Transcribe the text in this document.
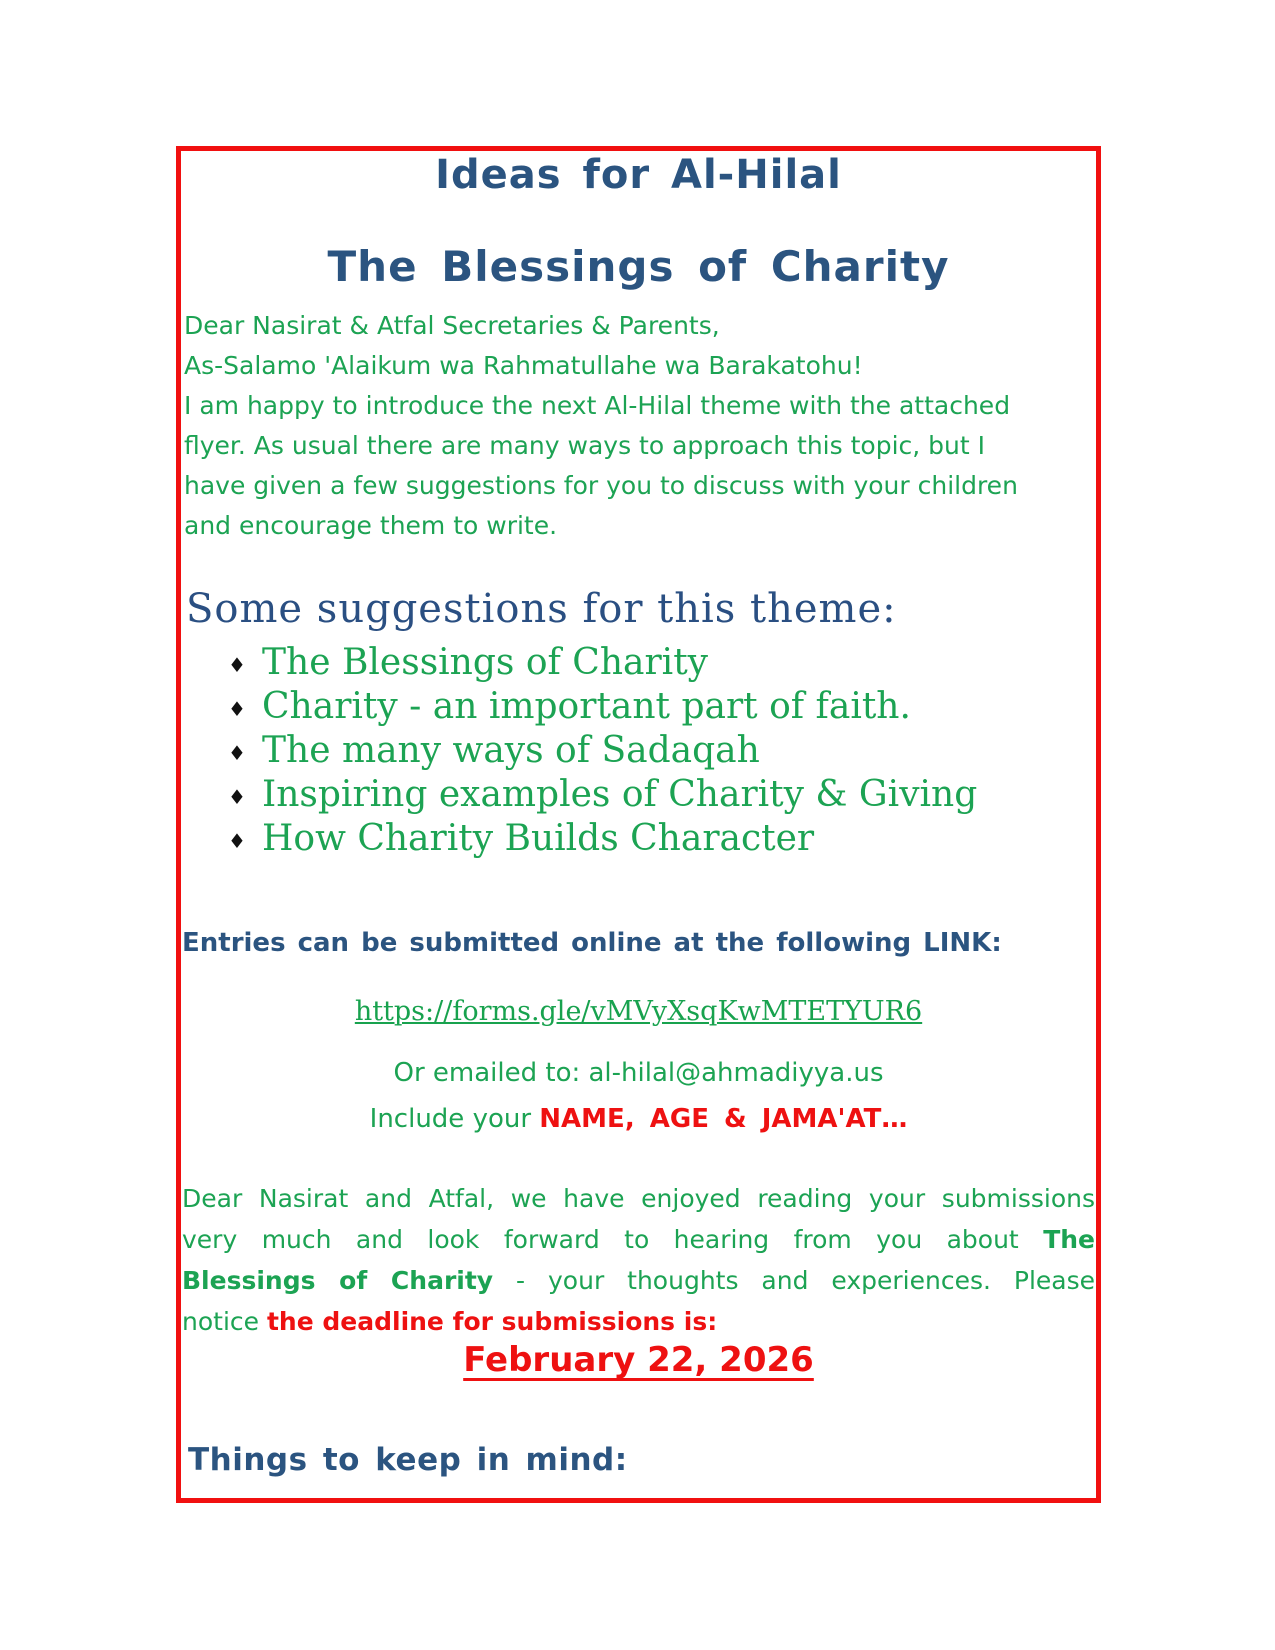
Ideas for Al-Hilal
The Blessings of Charity
Dear Nasirat & Atfal Secretaries & Parents,
As-Salamo 'Alaikum wa Rahmatullahe wa Barakatohu!
I am happy to introduce the next Al-Hilal theme with the attached
flyer. As usual there are many ways to approach this topic, but I
have given a few suggestions for you to discuss with your children
and encourage them to write.
Some suggestions for this theme:
♦ The Blessings of Charity
♦ Charity - an important part of faith.
♦ The many ways of Sadaqah
♦ Inspiring examples of Charity & Giving
♦ How Charity Builds Character
Entries can be submitted online at the following LINK:
https://forms.gle/vMVyXsqKwMTETYUR6
Or emailed to: al-hilal@ahmadiyya.us
Include your NAME, AGE & JAMA'AT…
Dear Nasirat and Atfal, we have enjoyed reading your submissions
very much and look forward to hearing from you about The
Blessings of Charity - your thoughts and experiences. Please
notice the deadline for submissions is:
February 22, 2026
Things to keep in mind:
